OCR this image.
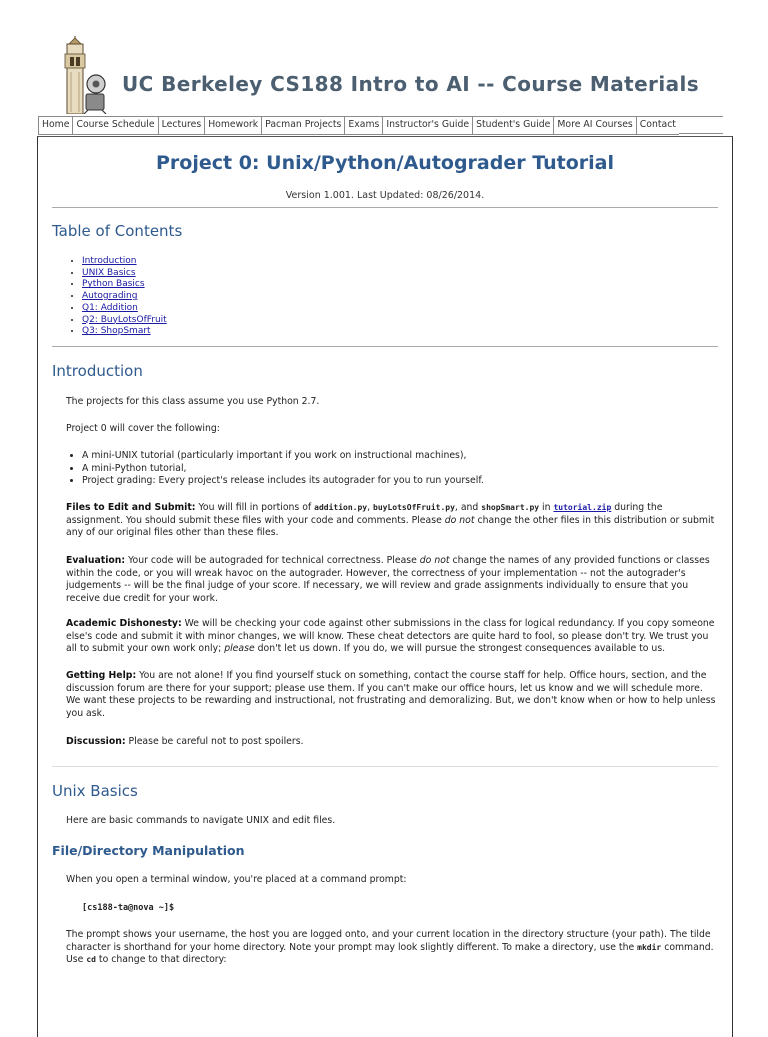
UC Berkeley CS188 Intro to AI -- Course Materials
Home Course Schedule Lectures Homework Pacman Projects Exams Instructor's Guide Student's Guide More AI Courses Contact
Project 0: Unix/Python/Autograder Tutorial
Version 1.001. Last Updated: 08/26/2014.
Table of Contents
• Introduction
• UNIX Basics
• Python Basics
• Autograding
• Q1: Addition
• Q2: BuyLotsOfFruit
• Q3: ShopSmart
Introduction
The projects for this class assume you use Python 2.7.
Project 0 will cover the following:
• A mini-UNIX tutorial (particularly important if you work on instructional machines),
• A mini-Python tutorial,
• Project grading: Every project's release includes its autograder for you to run yourself.
Files to Edit and Submit: You will fill in portions of addition.py, buyLotsOfFruit.py, and shopSmart.py in tutorial.zip during the assignment. You should submit these files with your code and comments. Please do not change the other files in this distribution or submit any of our original files other than these files.
Evaluation: Your code will be autograded for technical correctness. Please do not change the names of any provided functions or classes within the code, or you will wreak havoc on the autograder. However, the correctness of your implementation -- not the autograder's judgements -- will be the final judge of your score. If necessary, we will review and grade assignments individually to ensure that you receive due credit for your work.
Academic Dishonesty: We will be checking your code against other submissions in the class for logical redundancy. If you copy someone else's code and submit it with minor changes, we will know. These cheat detectors are quite hard to fool, so please don't try. We trust you all to submit your own work only; please don't let us down. If you do, we will pursue the strongest consequences available to us.
Getting Help: You are not alone! If you find yourself stuck on something, contact the course staff for help. Office hours, section, and the discussion forum are there for your support; please use them. If you can't make our office hours, let us know and we will schedule more. We want these projects to be rewarding and instructional, not frustrating and demoralizing. But, we don't know when or how to help unless you ask.
Discussion: Please be careful not to post spoilers.
Unix Basics
Here are basic commands to navigate UNIX and edit files.
File/Directory Manipulation
When you open a terminal window, you're placed at a command prompt:
[cs188-ta@nova ~]$
The prompt shows your username, the host you are logged onto, and your current location in the directory structure (your path). The tilde character is shorthand for your home directory. Note your prompt may look slightly different. To make a directory, use the mkdir command. Use cd to change to that directory:
